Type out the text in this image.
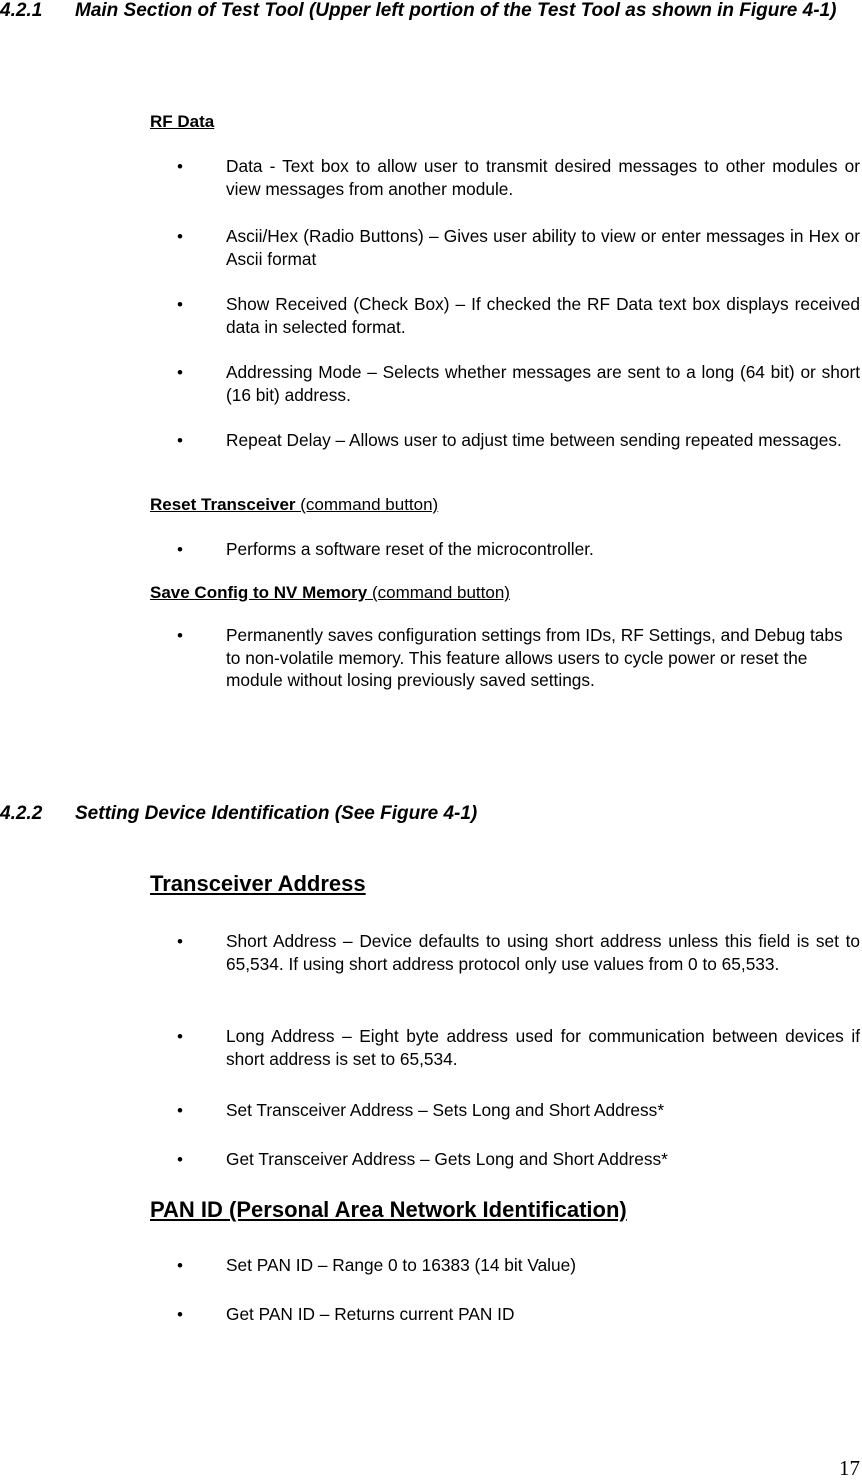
4.2.1 Main Section of Test Tool (Upper left portion of the Test Tool as shown in Figure 4-1)
RF Data
• Data - Text box to allow user to transmit desired messages to other modules or view messages from another module.
• Ascii/Hex (Radio Buttons) – Gives user ability to view or enter messages in Hex or Ascii format
• Show Received (Check Box) – If checked the RF Data text box displays received data in selected format.
• Addressing Mode – Selects whether messages are sent to a long (64 bit) or short (16 bit) address.
• Repeat Delay – Allows user to adjust time between sending repeated messages.
Reset Transceiver (command button)
• Performs a software reset of the microcontroller.
Save Config to NV Memory (command button)
• Permanently saves configuration settings from IDs, RF Settings, and Debug tabs to non-volatile memory. This feature allows users to cycle power or reset the module without losing previously saved settings.
4.2.2 Setting Device Identification (See Figure 4-1)
Transceiver Address
• Short Address – Device defaults to using short address unless this field is set to 65,534. If using short address protocol only use values from 0 to 65,533.
• Long Address – Eight byte address used for communication between devices if short address is set to 65,534.
• Set Transceiver Address – Sets Long and Short Address*
• Get Transceiver Address – Gets Long and Short Address*
PAN ID (Personal Area Network Identification)
• Set PAN ID – Range 0 to 16383 (14 bit Value)
• Get PAN ID – Returns current PAN ID
17
